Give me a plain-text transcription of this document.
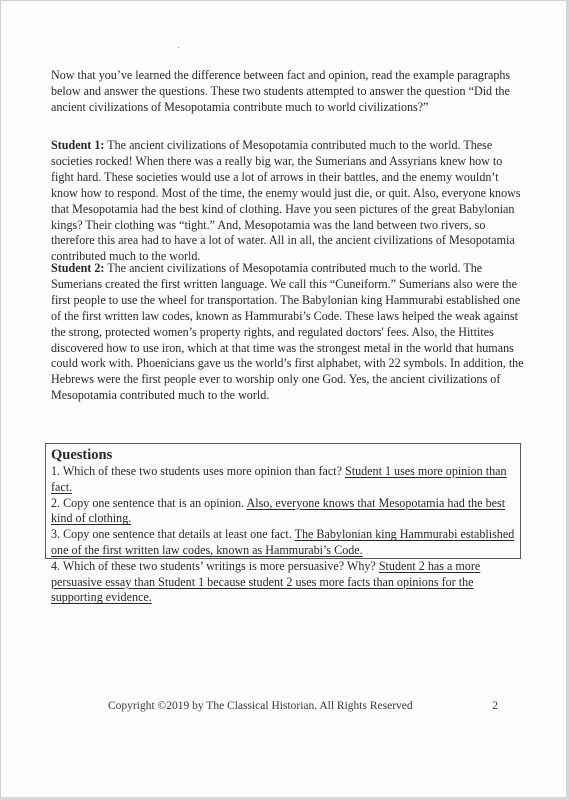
·

Now that you’ve learned the difference between fact and opinion, read the example paragraphs below and answer the questions. These two students attempted to answer the question “Did the ancient civilizations of Mesopotamia contribute much to world civilizations?”

Student 1: The ancient civilizations of Mesopotamia contributed much to the world. These societies rocked! When there was a really big war, the Sumerians and Assyrians knew how to fight hard. These societies would use a lot of arrows in their battles, and the enemy wouldn’t know how to respond. Most of the time, the enemy would just die, or quit. Also, everyone knows that Mesopotamia had the best kind of clothing. Have you seen pictures of the great Babylonian kings? Their clothing was “tight.” And, Mesopotamia was the land between two rivers, so therefore this area had to have a lot of water. All in all, the ancient civilizations of Mesopotamia contributed much to the world.

Student 2: The ancient civilizations of Mesopotamia contributed much to the world. The Sumerians created the first written language. We call this “Cuneiform.” Sumerians also were the first people to use the wheel for transportation. The Babylonian king Hammurabi established one of the first written law codes, known as Hammurabi’s Code. These laws helped the weak against the strong, protected women’s property rights, and regulated doctors' fees. Also, the Hittites discovered how to use iron, which at that time was the strongest metal in the world that humans could work with. Phoenicians gave us the world’s first alphabet, with 22 symbols. In addition, the Hebrews were the first people ever to worship only one God. Yes, the ancient civilizations of Mesopotamia contributed much to the world.

Questions

1. Which of these two students uses more opinion than fact? Student 1 uses more opinion than fact.

2. Copy one sentence that is an opinion. Also, everyone knows that Mesopotamia had the best kind of clothing.

3. Copy one sentence that details at least one fact. The Babylonian king Hammurabi established one of the first written law codes, known as Hammurabi’s Code.

4. Which of these two students’ writings is more persuasive? Why? Student 2 has a more persuasive essay than Student 1 because student 2 uses more facts than opinions for the supporting evidence.

Copyright ©2019 by The Classical Historian. All Rights Reserved	2
